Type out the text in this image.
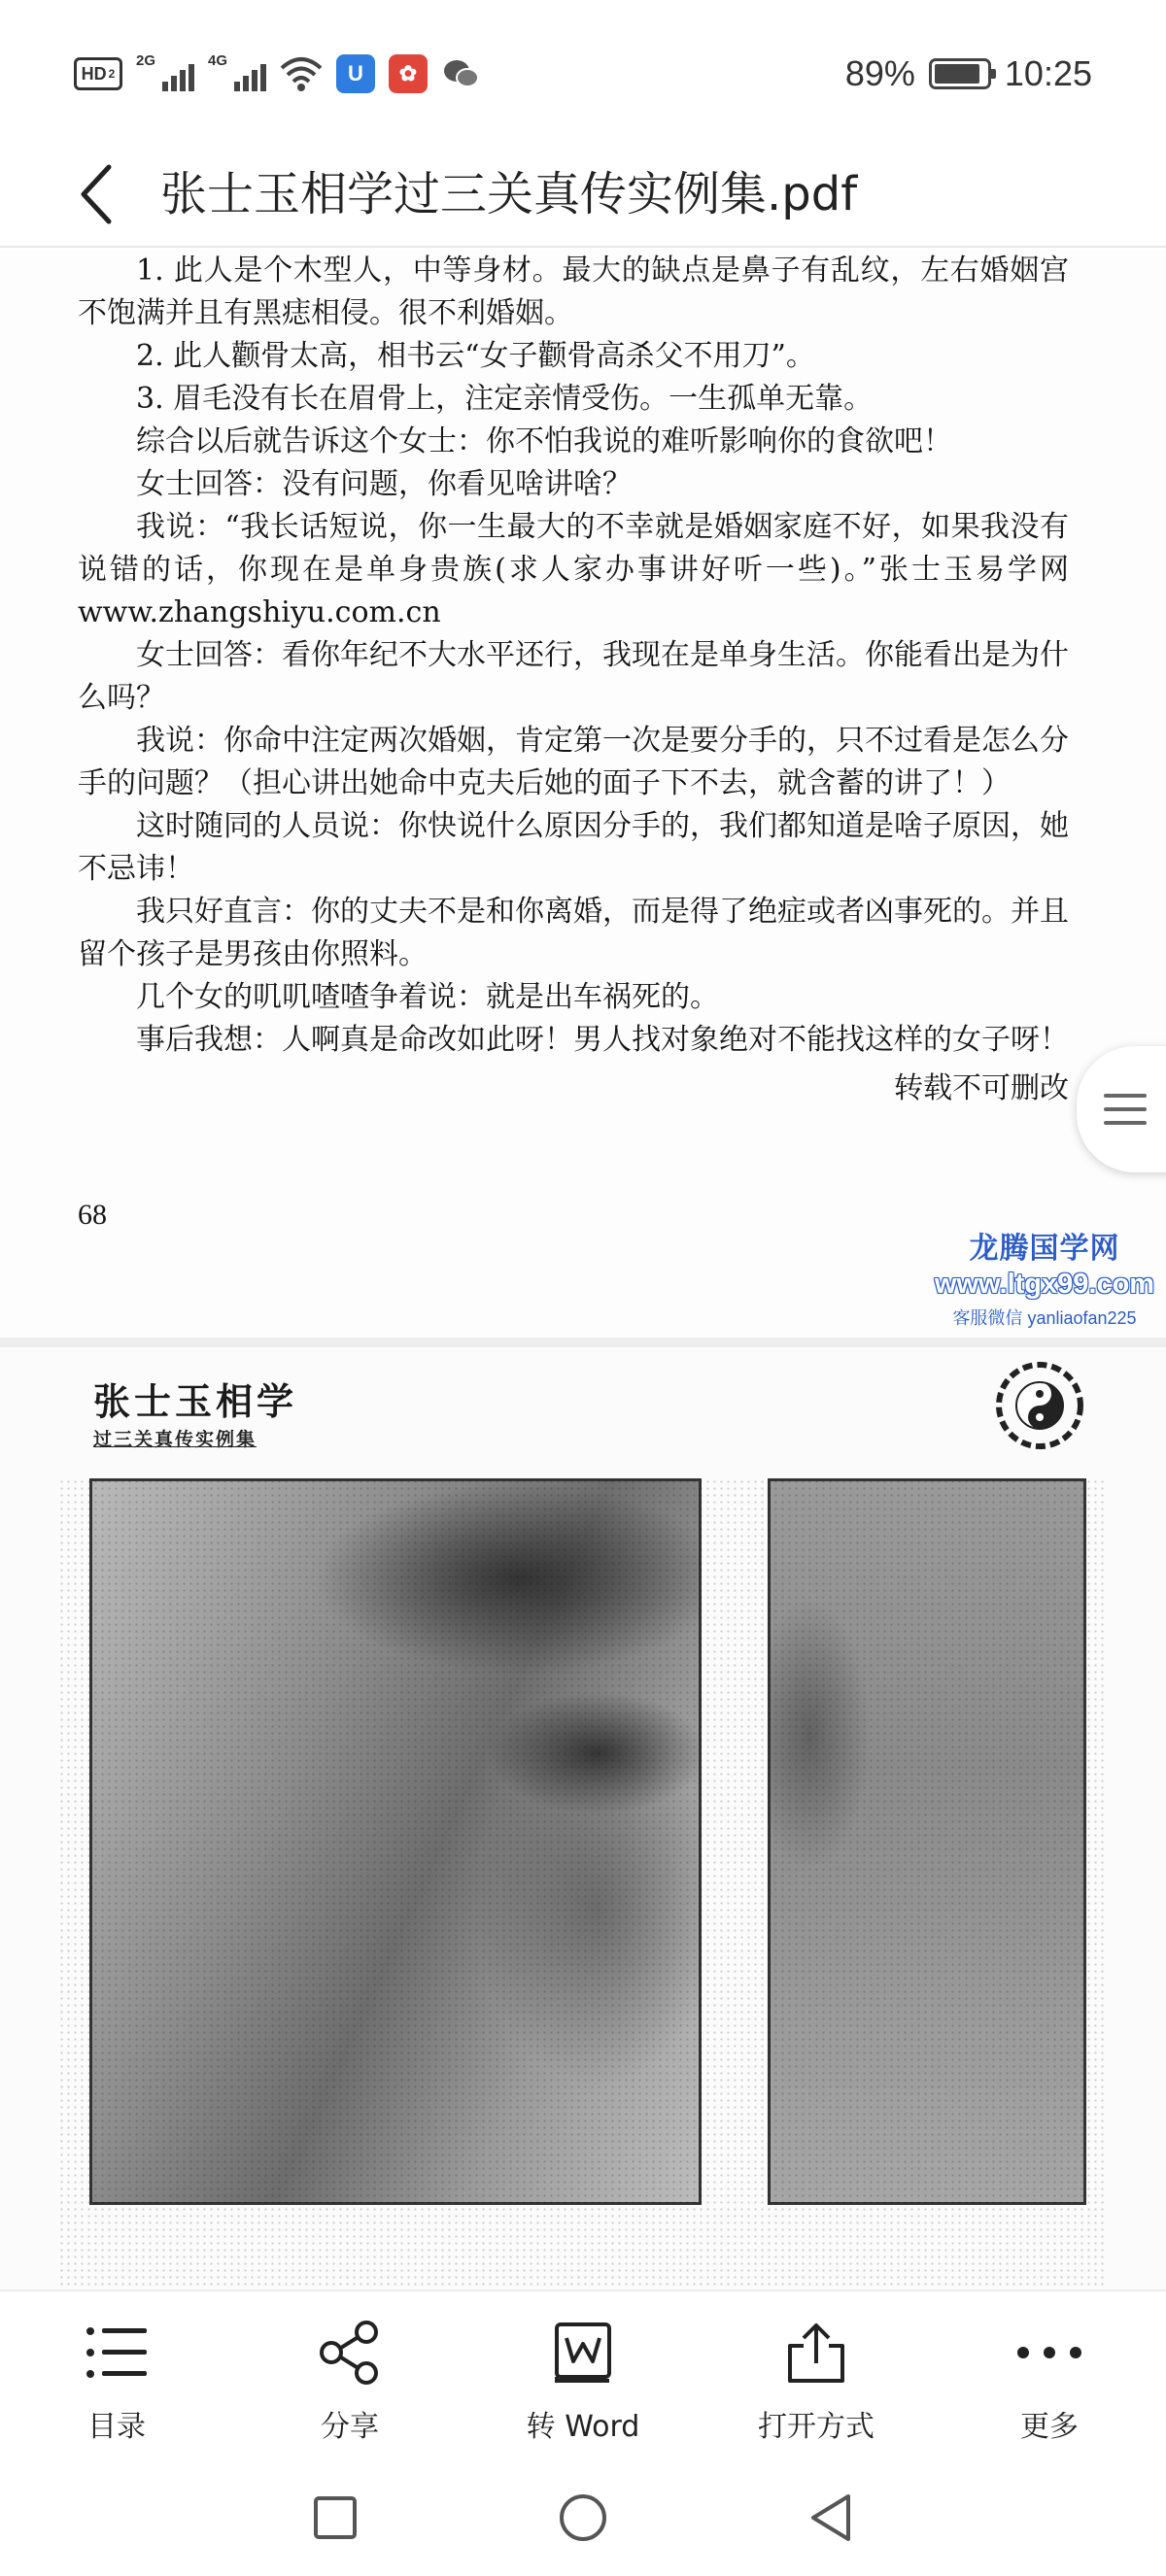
HD 2
2G	4G
U	✿	89%	10:25
张士玉相学过三关真传实例集.pdf

1. 此人是个木型人，中等身材。最大的缺点是鼻子有乱纹，左右婚姻宫不饱满并且有黑痣相侵。很不利婚姻。

2. 此人颧骨太高，相书云“女子颧骨高杀父不用刀”。

3. 眉毛没有长在眉骨上，注定亲情受伤。一生孤单无靠。

综合以后就告诉这个女士：你不怕我说的难听影响你的食欲吧！

女士回答：没有问题，你看见啥讲啥？

我说：“我长话短说，你一生最大的不幸就是婚姻家庭不好，如果我没有说错的话，你现在是单身贵族(求人家办事讲好听一些)。”张士玉易学网www.zhangshiyu.com.cn

女士回答：看你年纪不大水平还行，我现在是单身生活。你能看出是为什么吗？

我说：你命中注定两次婚姻，肯定第一次是要分手的，只不过看是怎么分手的问题？（担心讲出她命中克夫后她的面子下不去，就含蓄的讲了！）

这时随同的人员说：你快说什么原因分手的，我们都知道是啥子原因，她不忌讳！

我只好直言：你的丈夫不是和你离婚，而是得了绝症或者凶事死的。并且留个孩子是男孩由你照料。

几个女的叽叽喳喳争着说：就是出车祸死的。

事后我想：人啊真是命改如此呀！男人找对象绝对不能找这样的女子呀！

转载不可删改

68
龙腾国学网
www.ltgx99.com
客服微信 yanliaofan225
张士玉相学
过三关真传实例集
目录	分享	转 Word	打开方式	更多
